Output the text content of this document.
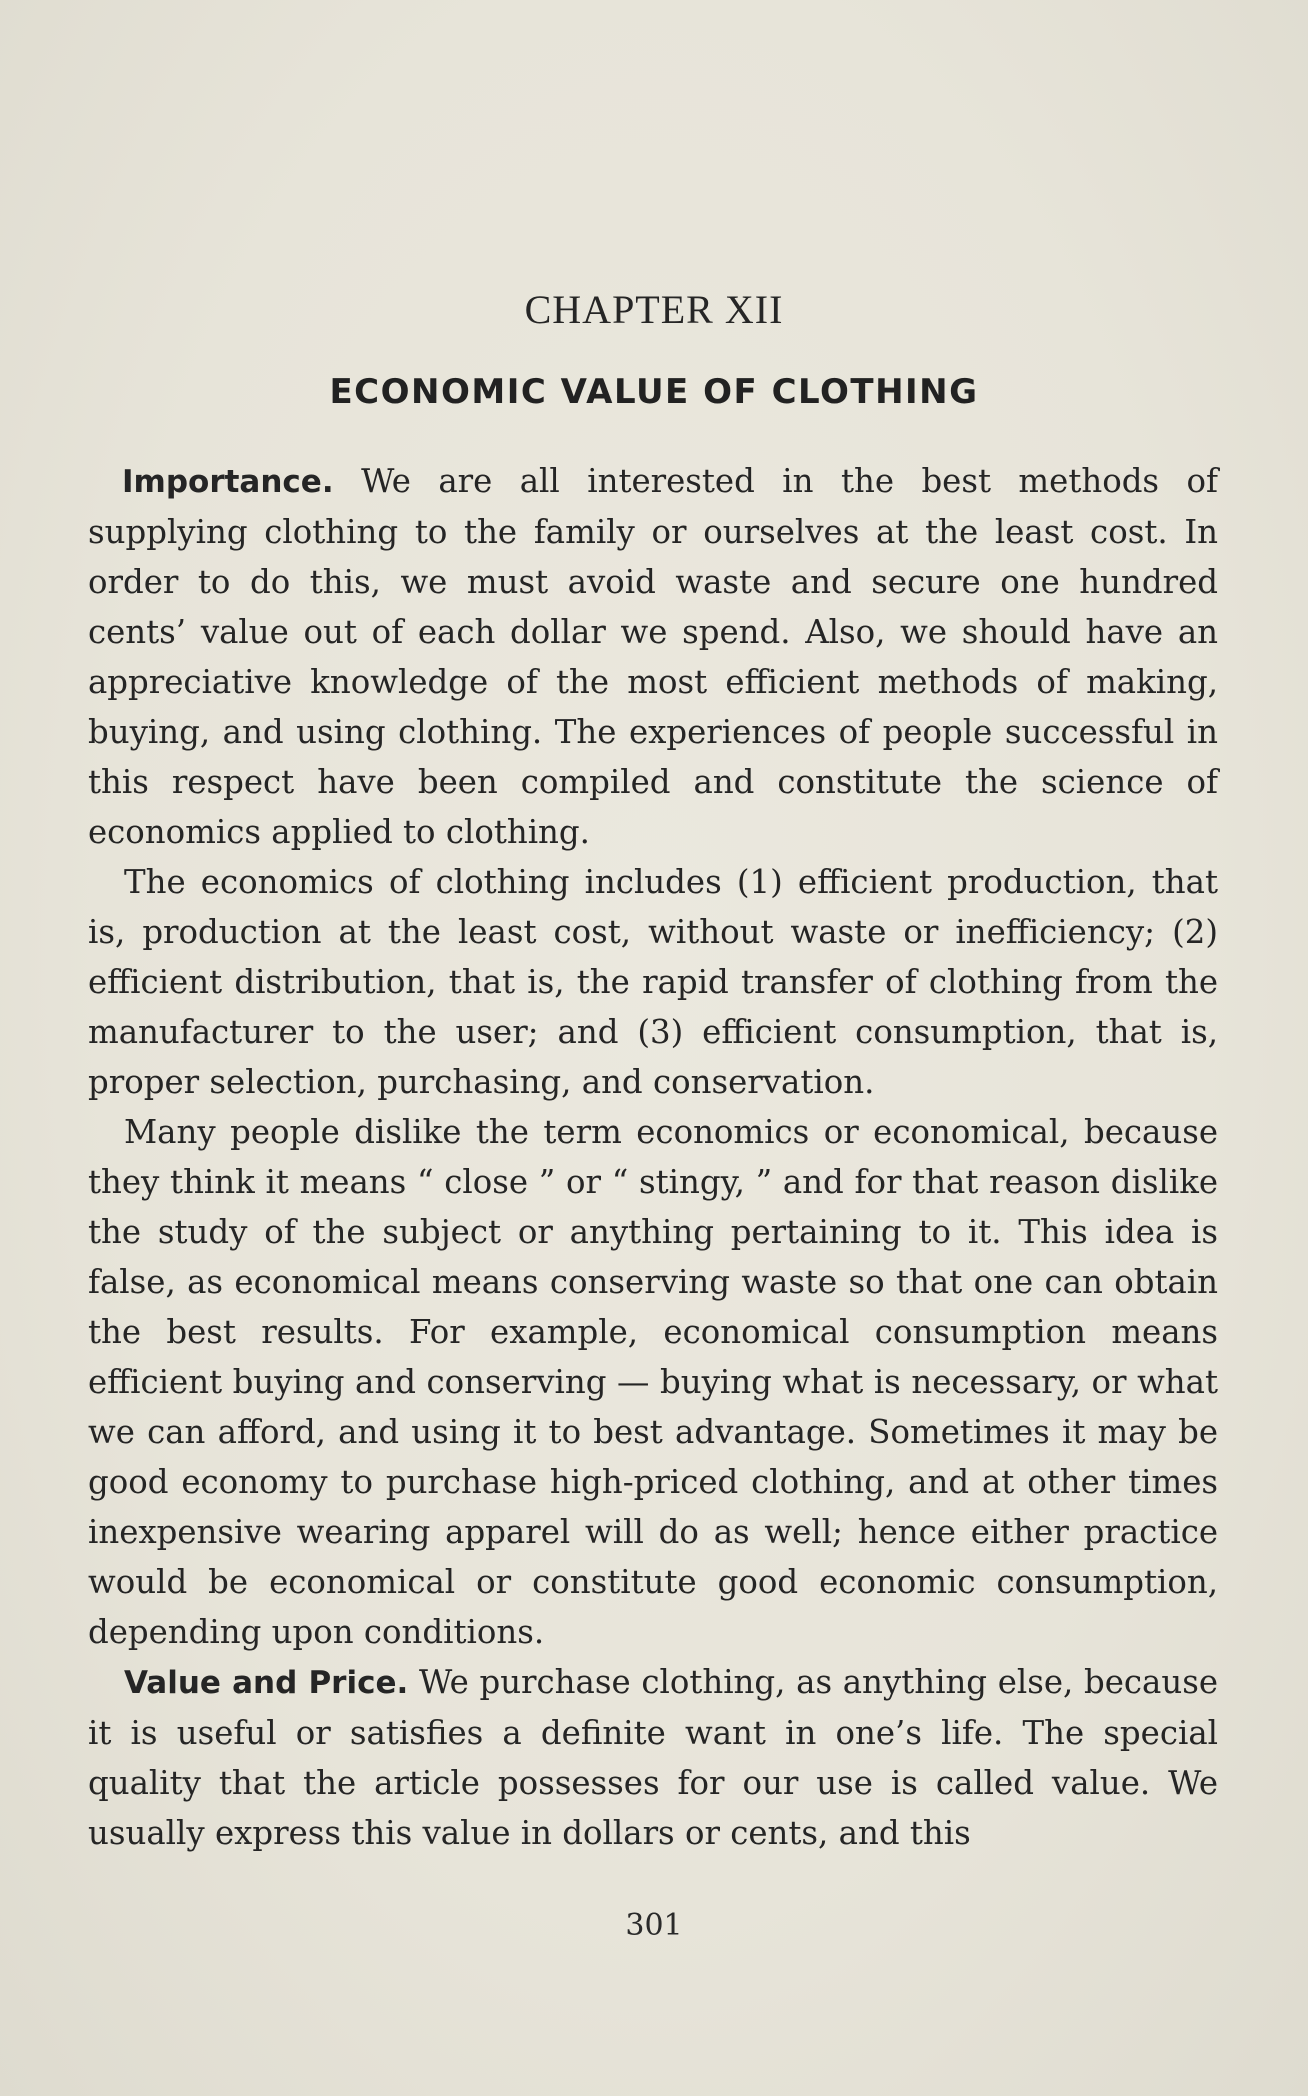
CHAPTER XII
ECONOMIC VALUE OF CLOTHING

Importance. We are all interested in the best methods of supplying clothing to the family or ourselves at the least cost. In order to do this, we must avoid waste and secure one hundred cents’ value out of each dollar we spend. Also, we should have an appreciative knowledge of the most efficient methods of making, buying, and using clothing. The experiences of people successful in this respect have been compiled and constitute the science of economics applied to clothing.

The economics of clothing includes (1) efficient production, that is, production at the least cost, without waste or inefficiency; (2) efficient distribution, that is, the rapid transfer of clothing from the manufacturer to the user; and (3) efficient consumption, that is, proper selection, purchasing, and conservation.

Many people dislike the term economics or economical, because they think it means “ close ” or “ stingy, ” and for that reason dislike the study of the subject or anything pertaining to it. This idea is false, as economical means conserving waste so that one can obtain the best results. For example, economical consumption means efficient buying and conserving — buying what is necessary, or what we can afford, and using it to best advantage. Sometimes it may be good economy to purchase high-priced clothing, and at other times inexpensive wearing apparel will do as well; hence either practice would be economical or constitute good economic consumption, depending upon conditions.

Value and Price. We purchase clothing, as anything else, because it is useful or satisfies a definite want in one’s life. The special quality that the article possesses for our use is called value. We usually express this value in dollars or cents, and this

301
